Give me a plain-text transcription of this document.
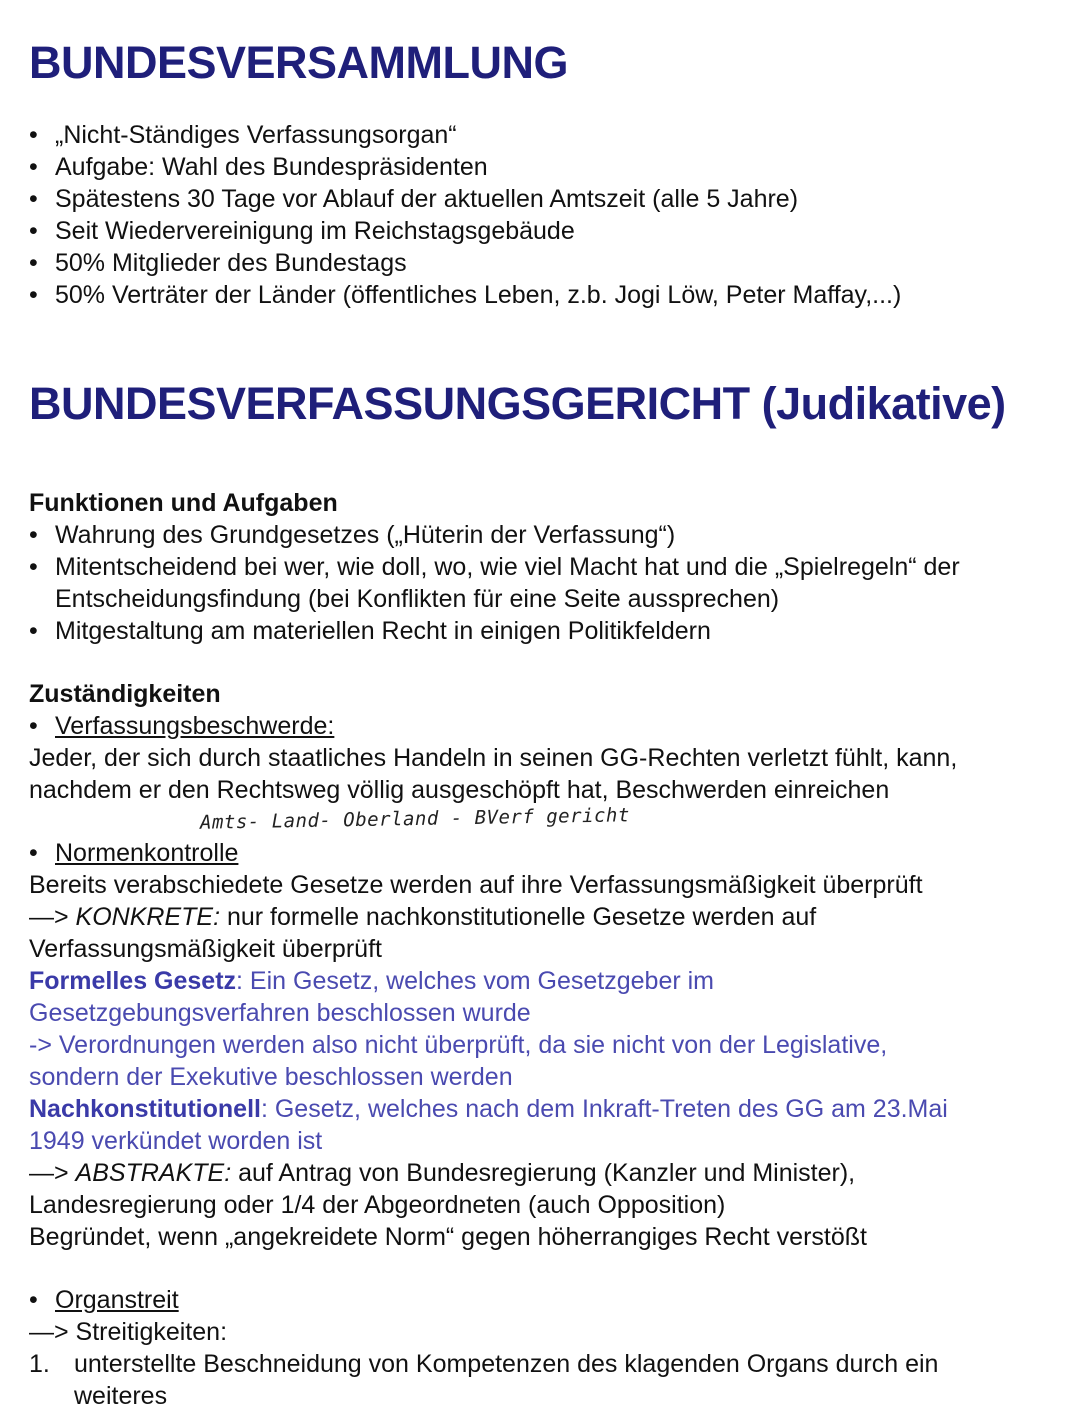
BUNDESVERSAMMLUNG
• „Nicht-Ständiges Verfassungsorgan“
• Aufgabe: Wahl des Bundespräsidenten
• Spätestens 30 Tage vor Ablauf der aktuellen Amtszeit (alle 5 Jahre)
• Seit Wiedervereinigung im Reichstagsgebäude
• 50% Mitglieder des Bundestags
• 50% Verträter der Länder (öffentliches Leben, z.b. Jogi Löw, Peter Maffay,...)
BUNDESVERFASSUNGSGERICHT (Judikative)
Funktionen und Aufgaben
• Wahrung des Grundgesetzes („Hüterin der Verfassung“)
• Mitentscheidend bei wer, wie doll, wo, wie viel Macht hat und die „Spielregeln“ der
Entscheidungsfindung (bei Konflikten für eine Seite aussprechen)
• Mitgestaltung am materiellen Recht in einigen Politikfeldern
Zuständigkeiten
• Verfassungsbeschwerde:
Jeder, der sich durch staatliches Handeln in seinen GG-Rechten verletzt fühlt, kann,
nachdem er den Rechtsweg völlig ausgeschöpft hat, Beschwerden einreichen
Amts- Land- Oberland - BVerf gericht
• Normenkontrolle
Bereits verabschiedete Gesetze werden auf ihre Verfassungsmäßigkeit überprüft
—> KONKRETE: nur formelle nachkonstitutionelle Gesetze werden auf
Verfassungsmäßigkeit überprüft
Formelles Gesetz: Ein Gesetz, welches vom Gesetzgeber im
Gesetzgebungsverfahren beschlossen wurde
-> Verordnungen werden also nicht überprüft, da sie nicht von der Legislative,
sondern der Exekutive beschlossen werden
Nachkonstitutionell: Gesetz, welches nach dem Inkraft-Treten des GG am 23.Mai
1949 verkündet worden ist
—> ABSTRAKTE: auf Antrag von Bundesregierung (Kanzler und Minister),
Landesregierung oder 1/4 der Abgeordneten (auch Opposition)
Begründet, wenn „angekreidete Norm“ gegen höherrangiges Recht verstößt
• Organstreit
—> Streitigkeiten:
1. unterstellte Beschneidung von Kompetenzen des klagenden Organs durch ein
weiteres
